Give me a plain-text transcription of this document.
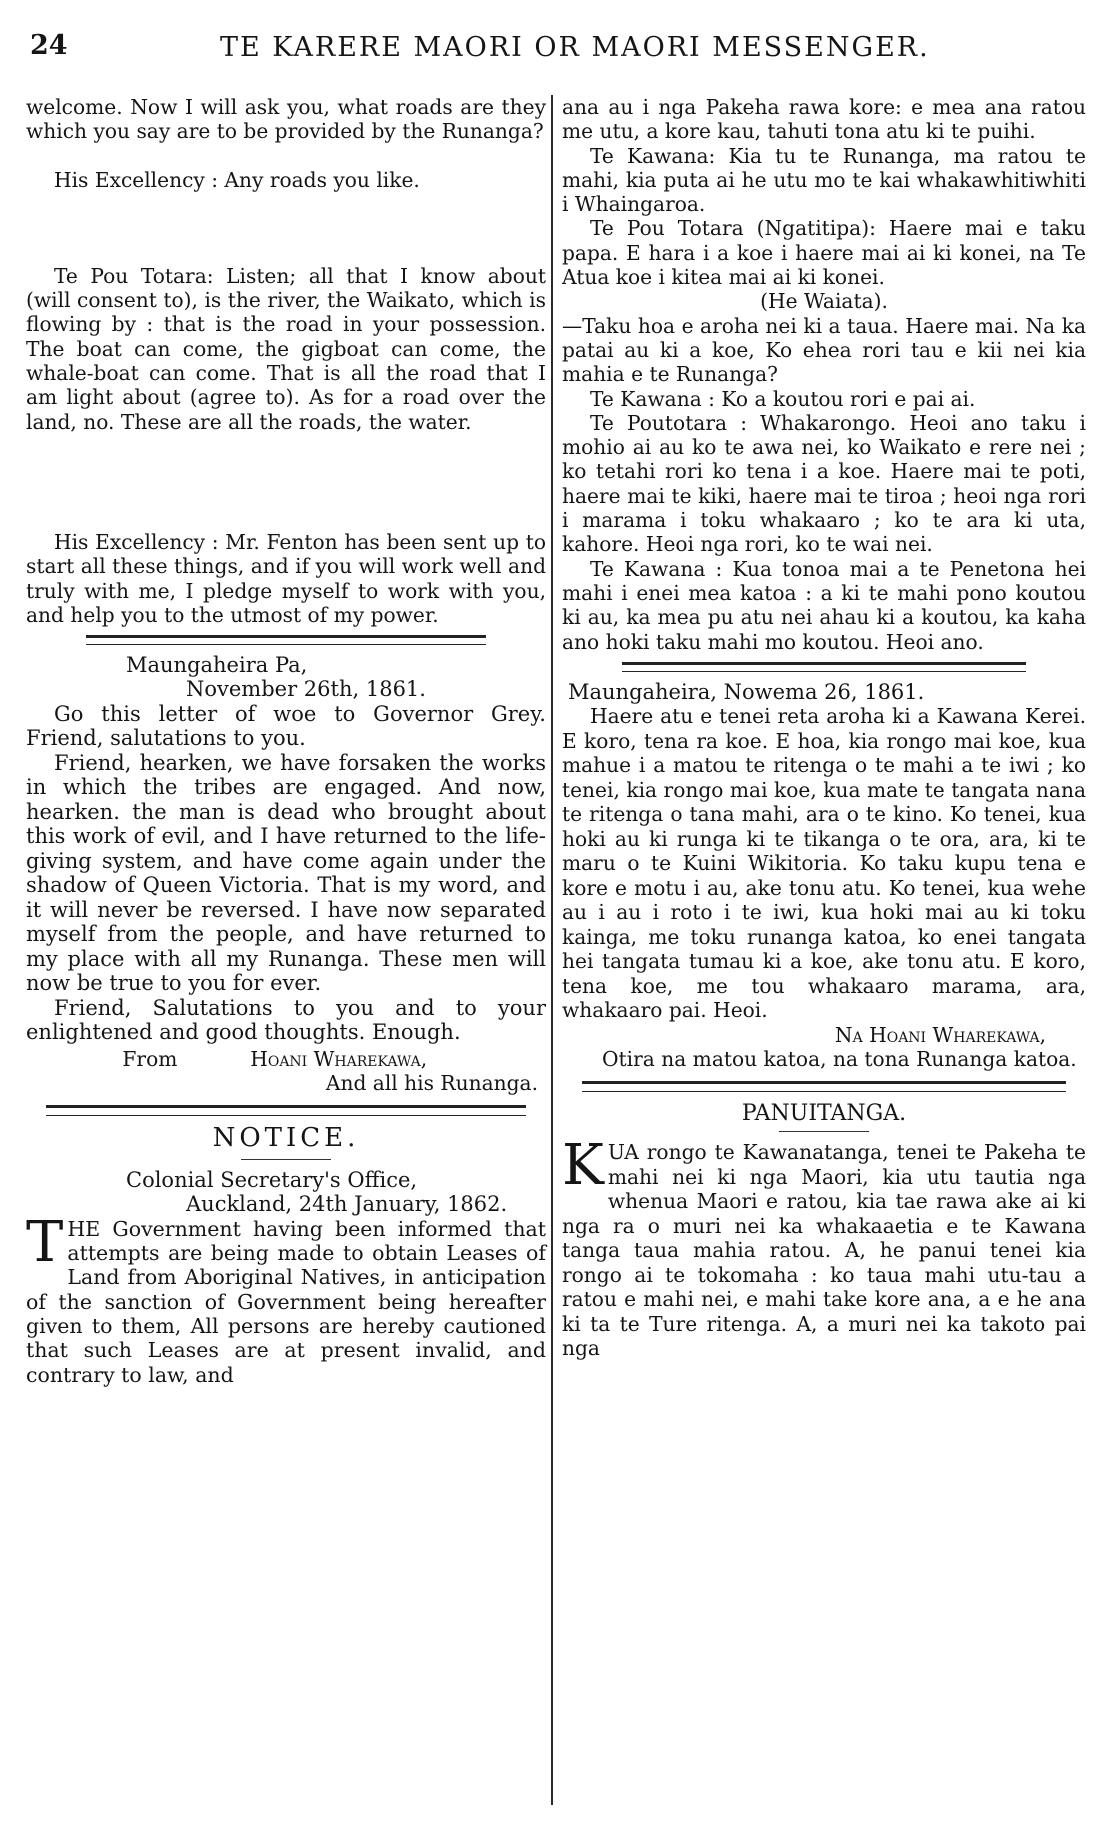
24	TE KARERE MAORI OR MAORI MESSENGER.

welcome. Now I will ask you, what roads are they which you say are to be provided by the Runanga?

His Excellency : Any roads you like.

Te Pou Totara: Listen; all that I know about (will consent to), is the river, the Waikato, which is flowing by : that is the road in your possession. The boat can come, the gigboat can come, the whale-boat can come. That is all the road that I am light about (agree to). As for a road over the land, no. These are all the roads, the water.

His Excellency : Mr. Fenton has been sent up to start all these things, and if you will work well and truly with me, I pledge myself to work with you, and help you to the utmost of my power.

Maungaheira Pa,

November 26th, 1861.

Go this letter of woe to Governor Grey. Friend, salutations to you.

Friend, hearken, we have forsaken the works in which the tribes are engaged. And now, hearken. the man is dead who brought about this work of evil, and I have returned to the life-giving system, and have come again under the shadow of Queen Victoria. That is my word, and it will never be reversed. I have now separated myself from the people, and have returned to my place with all my Runanga. These men will now be true to you for ever.

Friend, Salutations to you and to your enlightened and good thoughts. Enough.

From	Hoani Wharekawa,

And all his Runanga.

NOTICE.

Colonial Secretary's Office,

Auckland, 24th January, 1862.

THE Government having been informed that attempts are being made to obtain Leases of Land from Aboriginal Natives, in anticipation of the sanction of Government being hereafter given to them, All persons are hereby cautioned that such Leases are at present invalid, and contrary to law, and

ana au i nga Pakeha rawa kore: e mea ana ratou me utu, a kore kau, tahuti tona atu ki te puihi.

Te Kawana: Kia tu te Runanga, ma ratou te mahi, kia puta ai he utu mo te kai whakawhitiwhiti i Whaingaroa.

Te Pou Totara (Ngatitipa): Haere mai e taku papa. E hara i a koe i haere mai ai ki konei, na Te Atua koe i kitea mai ai ki konei.

(He Waiata).

—Taku hoa e aroha nei ki a taua. Haere mai. Na ka patai au ki a koe, Ko ehea rori tau e kii nei kia mahia e te Runanga?

Te Kawana : Ko a koutou rori e pai ai.

Te Poutotara : Whakarongo. Heoi ano taku i mohio ai au ko te awa nei, ko Waikato e rere nei ; ko tetahi rori ko tena i a koe. Haere mai te poti, haere mai te kiki, haere mai te tiroa ; heoi nga rori i marama i toku whakaaro ; ko te ara ki uta, kahore. Heoi nga rori, ko te wai nei.

Te Kawana : Kua tonoa mai a te Penetona hei mahi i enei mea katoa : a ki te mahi pono koutou ki au, ka mea pu atu nei ahau ki a koutou, ka kaha ano hoki taku mahi mo koutou. Heoi ano.

Maungaheira, Nowema 26, 1861.

Haere atu e tenei reta aroha ki a Kawana Kerei. E koro, tena ra koe. E hoa, kia rongo mai koe, kua mahue i a matou te ritenga o te mahi a te iwi ; ko tenei, kia rongo mai koe, kua mate te tangata nana te ritenga o tana mahi, ara o te kino. Ko tenei, kua hoki au ki runga ki te tikanga o te ora, ara, ki te maru o te Kuini Wikitoria. Ko taku kupu tena e kore e motu i au, ake tonu atu. Ko tenei, kua wehe au i au i roto i te iwi, kua hoki mai au ki toku kainga, me toku runanga katoa, ko enei tangata hei tangata tumau ki a koe, ake tonu atu. E koro, tena koe, me tou whakaaro marama, ara, whakaaro pai. Heoi.

Na Hoani Wharekawa,

Otira na matou katoa, na tona Runanga katoa.

PANUITANGA.

KUA rongo te Kawanatanga, tenei te Pakeha te mahi nei ki nga Maori, kia utu tautia nga whenua Maori e ratou, kia tae rawa ake ai ki nga ra o muri nei ka whakaaetia e te Kawana tanga taua mahia ratou. A, he panui tenei kia rongo ai te tokomaha : ko taua mahi utu-tau a ratou e mahi nei, e mahi take kore ana, a e he ana ki ta te Ture ritenga. A, a muri nei ka takoto pai nga
